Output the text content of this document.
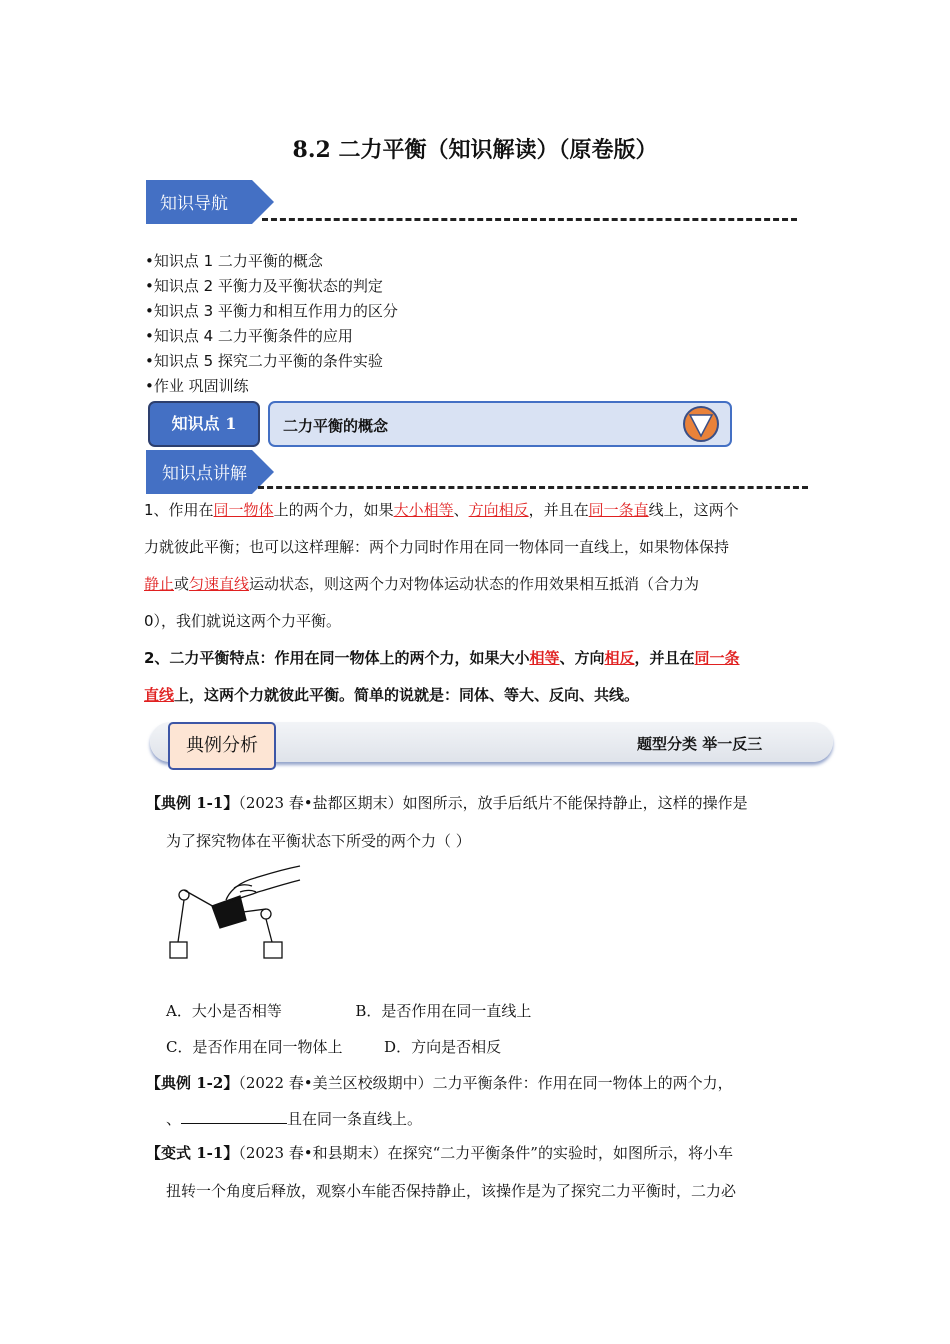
8.2 二力平衡（知识解读）（原卷版）
知识导航
•知识点 1 二力平衡的概念
•知识点 2 平衡力及平衡状态的判定
•知识点 3 平衡力和相互作用力的区分
•知识点 4 二力平衡条件的应用
•知识点 5 探究二力平衡的条件实验
•作业 巩固训练
知识点 1	二力平衡的概念
知识点讲解
1、作用在同一物体上的两个力，如果大小相等、方向相反，并且在同一条直线上，这两个
力就彼此平衡；也可以这样理解：两个力同时作用在同一物体同一直线上，如果物体保持
静止或匀速直线运动状态，则这两个力对物体运动状态的作用效果相互抵消（合力为
0），我们就说这两个力平衡。
2、二力平衡特点：作用在同一物体上的两个力，如果大小相等、方向相反，并且在同一条
直线上，这两个力就彼此平衡。简单的说就是：同体、等大、反向、共线。
典例分析	题型分类 举一反三
【典例 1-1】（2023 春•盐都区期末）如图所示，放手后纸片不能保持静止，这样的操作是
为了探究物体在平衡状态下所受的两个力（ ）
A．大小是否相等	B．是否作用在同一直线上
C．是否作用在同一物体上	D．方向是否相反
【典例 1-2】（2022 春•美兰区校级期中）二力平衡条件：作用在同一物体上的两个力，
、	且在同一条直线上。
【变式 1-1】（2023 春•和县期末）在探究“二力平衡条件”的实验时，如图所示，将小车
扭转一个角度后释放，观察小车能否保持静止，该操作是为了探究二力平衡时，二力必
